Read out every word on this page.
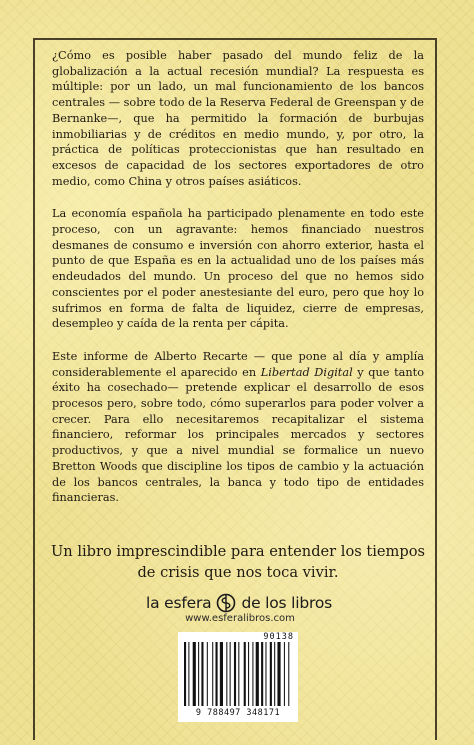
¿Cómo es posible haber pasado del mundo feliz de la globalización a la actual recesión mundial? La respuesta es múltiple: por un lado, un mal funcionamiento de los bancos centrales — sobre todo de la Reserva Federal de Greenspan y de Bernanke—, que ha permitido la formación de burbujas inmobiliarias y de créditos en medio mundo, y, por otro, la práctica de políticas proteccionistas que han resultado en excesos de capacidad de los sectores exportadores de otro medio, como China y otros países asiáticos.

La economía española ha participado plenamente en todo este proceso, con un agravante: hemos financiado nuestros desmanes de consumo e inversión con ahorro exterior, hasta el punto de que España es en la actualidad uno de los países más endeudados del mundo. Un proceso del que no hemos sido conscientes por el poder anestesiante del euro, pero que hoy lo sufrimos en forma de falta de liquidez, cierre de empresas, desempleo y caída de la renta per cápita.

Este informe de Alberto Recarte — que pone al día y amplía considerablemente el aparecido en Libertad Digital y que tanto éxito ha cosechado— pretende explicar el desarrollo de esos procesos pero, sobre todo, cómo superarlos para poder volver a crecer. Para ello necesitaremos recapitalizar el sistema financiero, reformar los principales mercados y sectores productivos, y que a nivel mundial se formalice un nuevo Bretton Woods que discipline los tipos de cambio y la actuación de los bancos centrales, la banca y todo tipo de entidades financieras.

Un libro imprescindible para entender los tiempos de crisis que nos toca vivir.
la esfera de los libros
www.esferalibros.com
90138
9 788497 348171
